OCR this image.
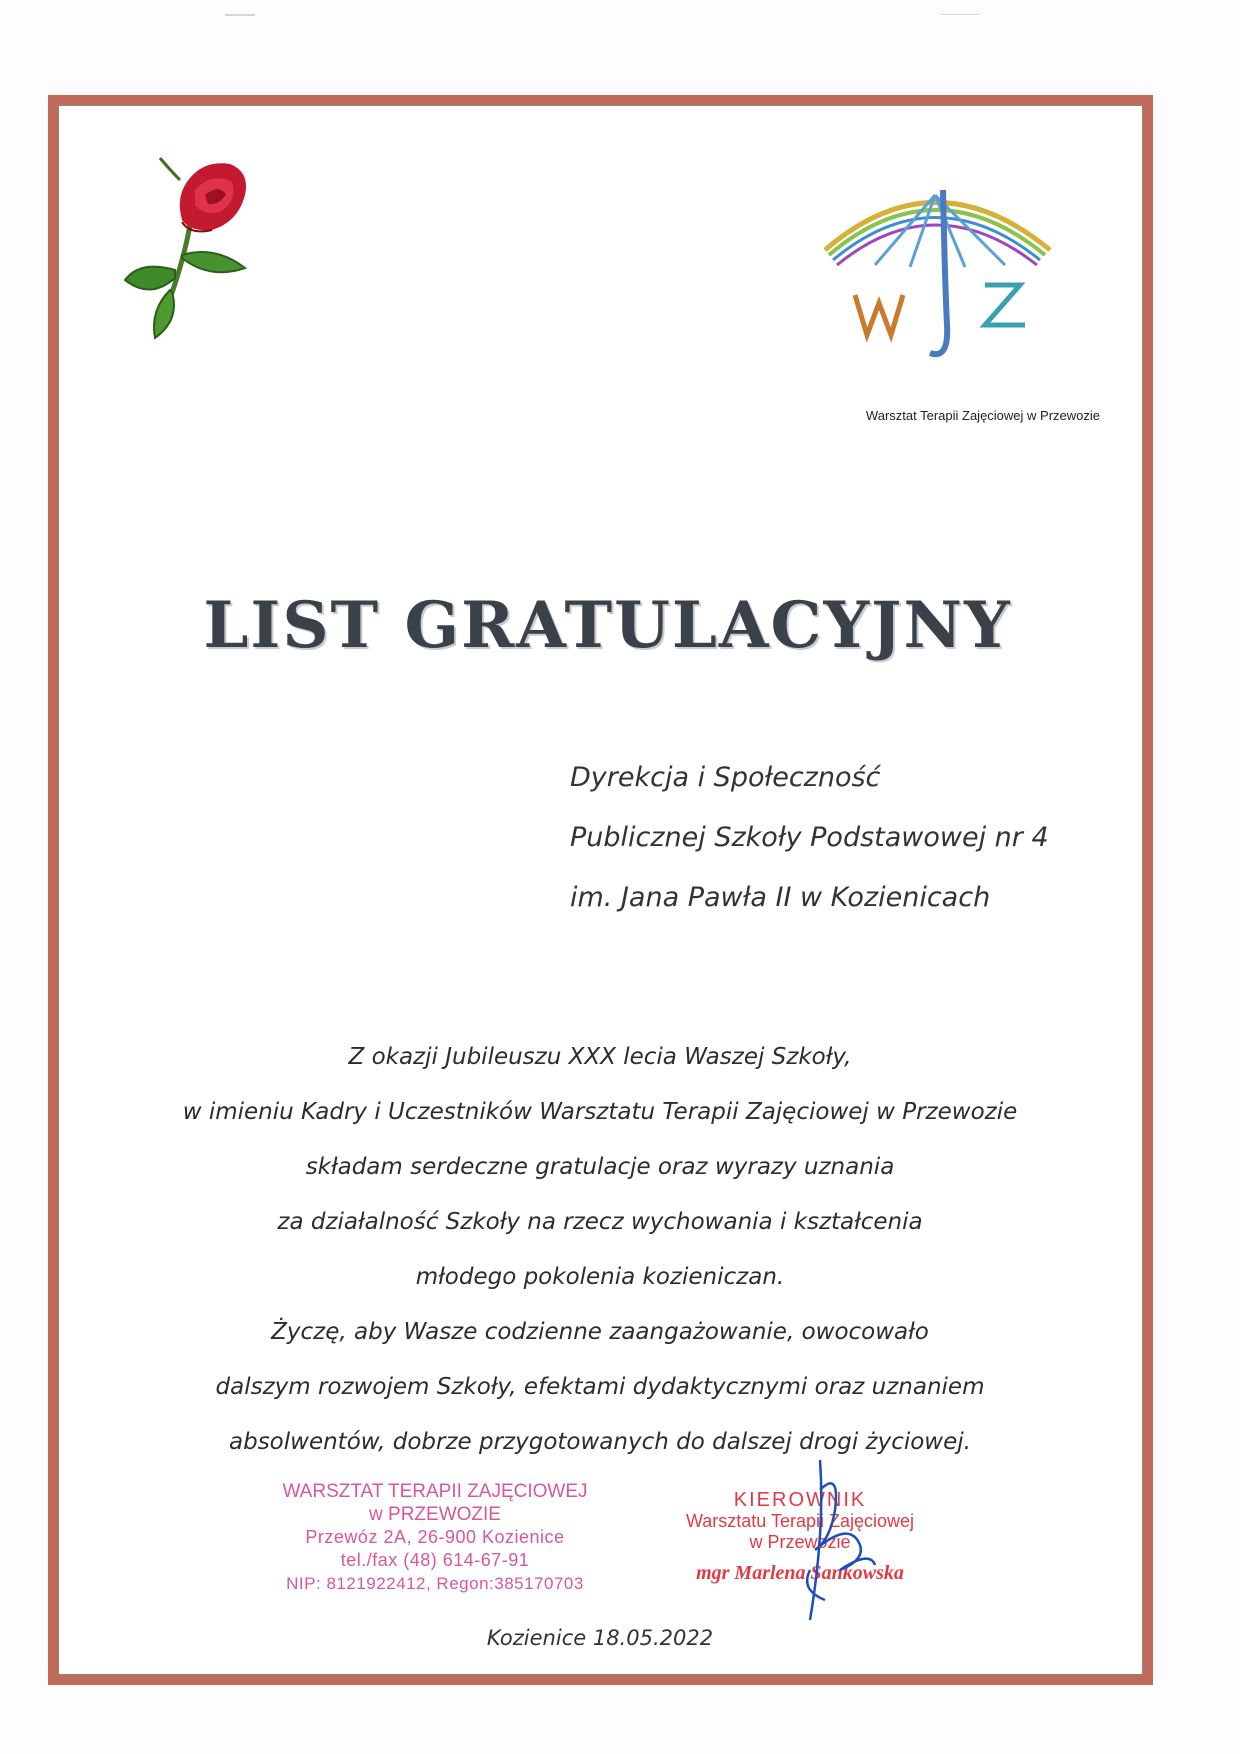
Warsztat Terapii Zajęciowej w Przewozie
LIST GRATULACYJNY
Dyrekcja i Społeczność
Publicznej Szkoły Podstawowej nr 4
im. Jana Pawła II w Kozienicach
Z okazji Jubileuszu XXX lecia Waszej Szkoły,
w imieniu Kadry i Uczestników Warsztatu Terapii Zajęciowej w Przewozie
składam serdeczne gratulacje oraz wyrazy uznania
za działalność Szkoły na rzecz wychowania i kształcenia
młodego pokolenia kozieniczan.
Życzę, aby Wasze codzienne zaangażowanie, owocowało
dalszym rozwojem Szkoły, efektami dydaktycznymi oraz uznaniem
absolwentów, dobrze przygotowanych do dalszej drogi życiowej.
WARSZTAT TERAPII ZAJĘCIOWEJ
w PRZEWOZIE
Przewóz 2A, 26-900 Kozienice
tel./fax (48) 614-67-91
NIP: 8121922412, Regon:385170703
KIEROWNIK
Warsztatu Terapii Zajęciowej
w Przewozie
mgr Marlena Sankowska
Kozienice 18.05.2022
